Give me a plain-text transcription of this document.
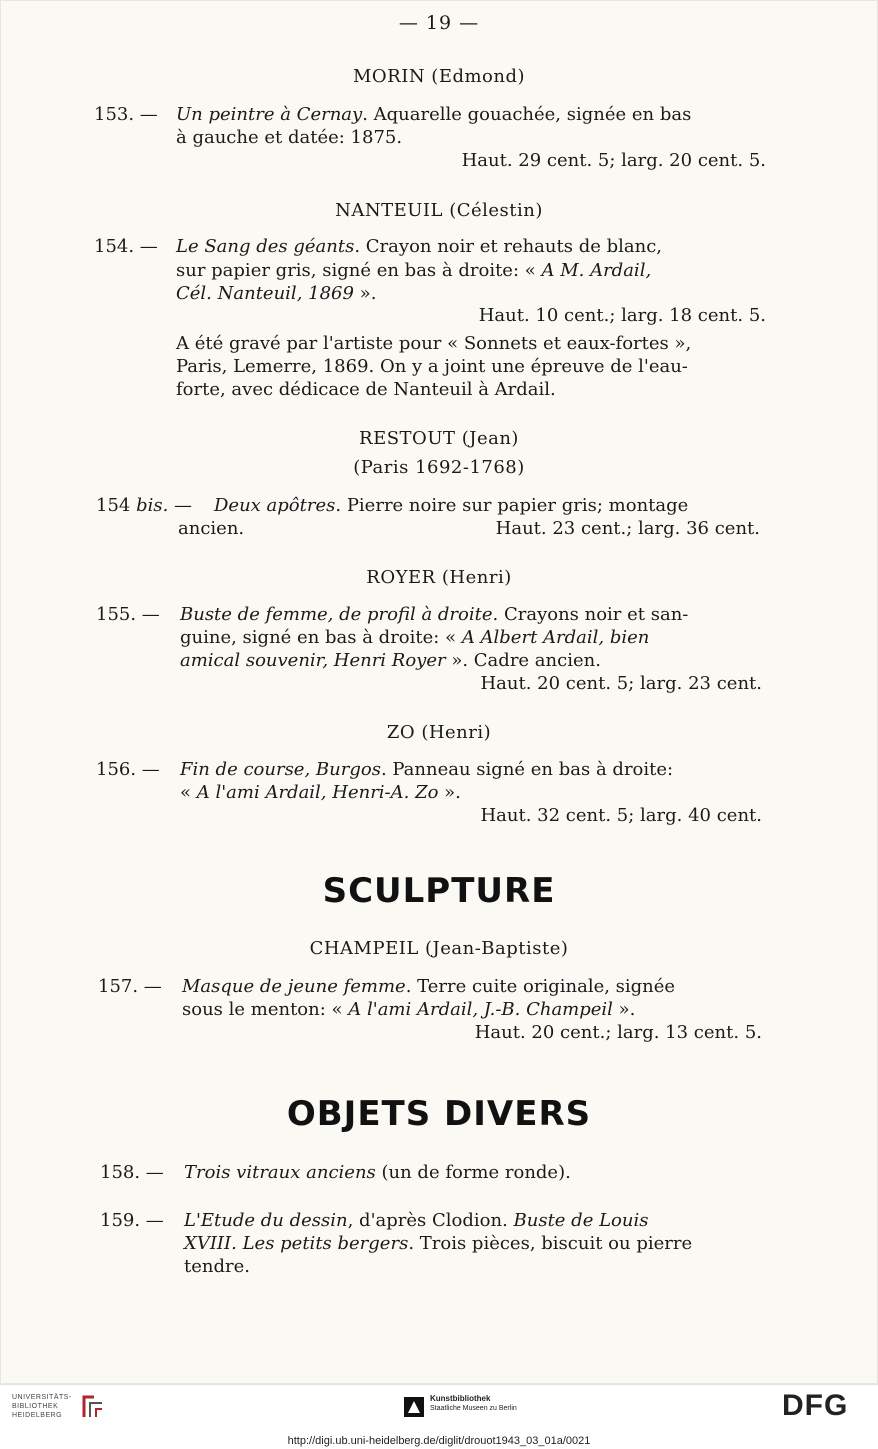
— 19 —
MORIN (Edmond)
153. — Un peintre à Cernay. Aquarelle gouachée, signée en bas
à gauche et datée: 1875.
Haut. 29 cent. 5; larg. 20 cent. 5.
NANTEUIL (Célestin)
154. — Le Sang des géants. Crayon noir et rehauts de blanc,
sur papier gris, signé en bas à droite: « A M. Ardail,
Cél. Nanteuil, 1869 ».
Haut. 10 cent.; larg. 18 cent. 5.
A été gravé par l'artiste pour « Sonnets et eaux-fortes »,
Paris, Lemerre, 1869. On y a joint une épreuve de l'eau-
forte, avec dédicace de Nanteuil à Ardail.
RESTOUT (Jean)
(Paris 1692-1768)
154 bis. — Deux apôtres. Pierre noire sur papier gris; montage
ancien.	Haut. 23 cent.; larg. 36 cent.
ROYER (Henri)
155. — Buste de femme, de profil à droite. Crayons noir et san-
guine, signé en bas à droite: « A Albert Ardail, bien
amical souvenir, Henri Royer ». Cadre ancien.
Haut. 20 cent. 5; larg. 23 cent.
ZO (Henri)
156. — Fin de course, Burgos. Panneau signé en bas à droite:
« A l'ami Ardail, Henri-A. Zo ».
Haut. 32 cent. 5; larg. 40 cent.
SCULPTURE
CHAMPEIL (Jean-Baptiste)
157. — Masque de jeune femme. Terre cuite originale, signée
sous le menton: « A l'ami Ardail, J.-B. Champeil ».
Haut. 20 cent.; larg. 13 cent. 5.
OBJETS DIVERS
158. — Trois vitraux anciens (un de forme ronde).
159. — L'Etude du dessin, d'après Clodion. Buste de Louis
XVIII. Les petits bergers. Trois pièces, biscuit ou pierre
tendre.
UNIVERSITÄTS-
BIBLIOTHEK
HEIDELBERG
Kunstbibliothek
Staatliche Museen zu Berlin	DFG
http://digi.ub.uni-heidelberg.de/diglit/drouot1943_03_01a/0021
